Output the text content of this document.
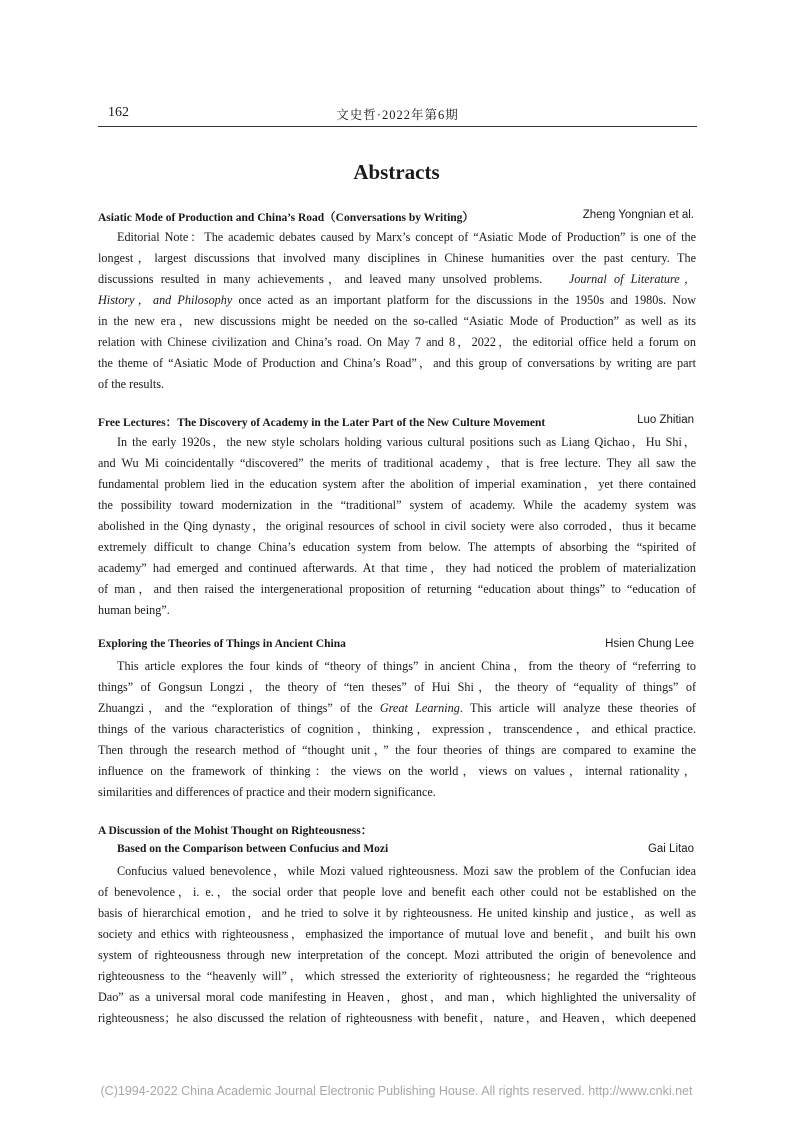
162	文史哲·2022年第6期
Abstracts
Asiatic Mode of Production and China’s Road（Conversations by Writing）	Zheng Yongnian et al.
Editorial Note：The academic debates caused by Marx’s concept of “Asiatic Mode of Production” is one of the
longest，largest discussions that involved many disciplines in Chinese humanities over the past century. The
discussions resulted in many achievements，and leaved many unsolved problems.   Journal of Literature，
History，and Philosophy once acted as an important platform for the discussions in the 1950s and 1980s. Now
in the new era，new discussions might be needed on the so-called “Asiatic Mode of Production” as well as its
relation with Chinese civilization and China’s road. On May 7 and 8，2022，the editorial office held a forum on
the theme of “Asiatic Mode of Production and China’s Road”，and this group of conversations by writing are part
of the results.
Free Lectures：The Discovery of Academy in the Later Part of the New Culture Movement	Luo Zhitian
In the early 1920s，the new style scholars holding various cultural positions such as Liang Qichao，Hu Shi，
and Wu Mi coincidentally “discovered” the merits of traditional academy，that is free lecture. They all saw the
fundamental problem lied in the education system after the abolition of imperial examination，yet there contained
the possibility toward modernization in the “traditional” system of academy. While the academy system was
abolished in the Qing dynasty，the original resources of school in civil society were also corroded，thus it became
extremely difficult to change China’s education system from below. The attempts of absorbing the “spirited of
academy” had emerged and continued afterwards. At that time，they had noticed the problem of materialization
of man，and then raised the intergenerational proposition of returning “education about things” to “education of
human being”.
Exploring the Theories of Things in Ancient China	Hsien Chung Lee
This article explores the four kinds of “theory of things” in ancient China，from the theory of “referring to
things” of Gongsun Longzi，the theory of “ten theses” of Hui Shi，the theory of “equality of things” of
Zhuangzi，and the “exploration of things” of the Great Learning. This article will analyze these theories of
things of the various characteristics of cognition，thinking，expression，transcendence，and ethical practice.
Then through the research method of “thought unit，” the four theories of things are compared to examine the
influence on the framework of thinking：the views on the world，views on values，internal rationality，
similarities and differences of practice and their modern significance.
A Discussion of the Mohist Thought on Righteousness：
Based on the Comparison between Confucius and Mozi	Gai Litao
Confucius valued benevolence，while Mozi valued righteousness. Mozi saw the problem of the Confucian idea
of benevolence，i. e.，the social order that people love and benefit each other could not be established on the
basis of hierarchical emotion，and he tried to solve it by righteousness. He united kinship and justice，as well as
society and ethics with righteousness，emphasized the importance of mutual love and benefit，and built his own
system of righteousness through new interpretation of the concept. Mozi attributed the origin of benevolence and
righteousness to the “heavenly will”，which stressed the exteriority of righteousness；he regarded the “righteous
Dao” as a universal moral code manifesting in Heaven，ghost，and man，which highlighted the universality of
righteousness；he also discussed the relation of righteousness with benefit，nature，and Heaven，which deepened
(C)1994-2022 China Academic Journal Electronic Publishing House. All rights reserved. http://www.cnki.net
